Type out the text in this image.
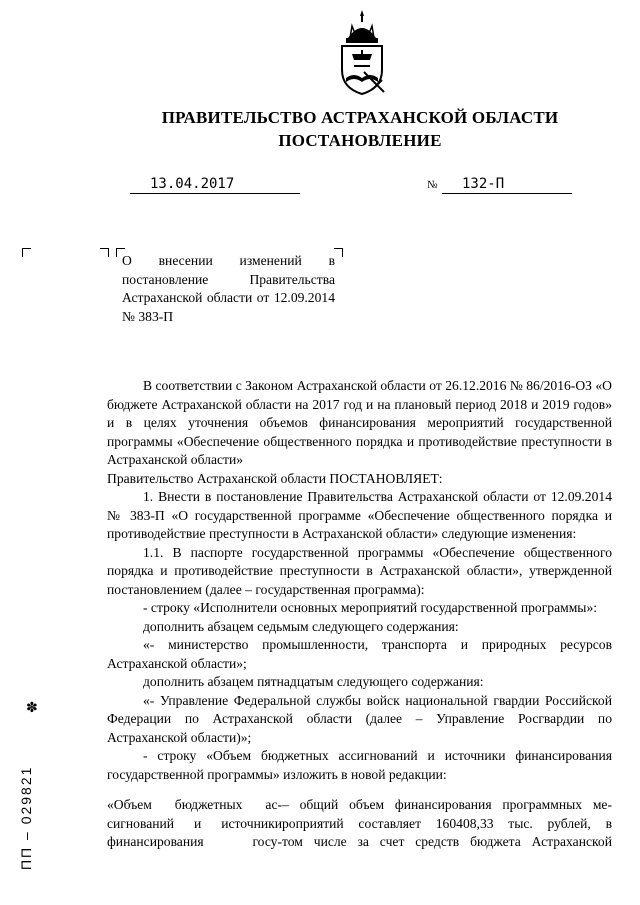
ПРАВИТЕЛЬСТВО АСТРАХАНСКОЙ ОБЛАСТИ
ПОСТАНОВЛЕНИЕ
13.04.2017	№	132-П

О внесении изменений в постановление Правительства Астраханской области от 12.09.2014 № 383-П

В соответствии с Законом Астраханской области от 26.12.2016 № 86/2016-ОЗ «О бюджете Астраханской области на 2017 год и на плановый период 2018 и 2019 годов» и в целях уточнения объемов финансирования мероприятий государственной программы «Обеспечение общественного порядка и противодействие преступности в Астраханской области»

Правительство Астраханской области ПОСТАНОВЛЯЕТ:

1. Внести в постановление Правительства Астраханской области от 12.09.2014 № 383-П «О государственной программе «Обеспечение общественного порядка и противодействие преступности в Астраханской области» следующие изменения:

1.1. В паспорте государственной программы «Обеспечение общественного порядка и противодействие преступности в Астраханской области», утвержденной постановлением (далее – государственная программа):

- строку «Исполнители основных мероприятий государственной программы»:

дополнить абзацем седьмым следующего содержания:

«- министерство промышленности, транспорта и природных ресурсов Астраханской области»;

дополнить абзацем пятнадцатым следующего содержания:

«- Управление Федеральной службы войск национальной гвардии Российской Федерации по Астраханской области (далее – Управление Росгвардии по Астраханской области)»;

- строку «Объем бюджетных ассигнований и источники финансирования государственной программы» изложить в новой редакции:

«Объем бюджетных ас-
сигнований и источники
финансирования госу-
– общий объем финансирования программных ме-
роприятий составляет 160408,33 тыс. рублей, в
том числе за счет средств бюджета Астраханской
ПП – 029821
✽
